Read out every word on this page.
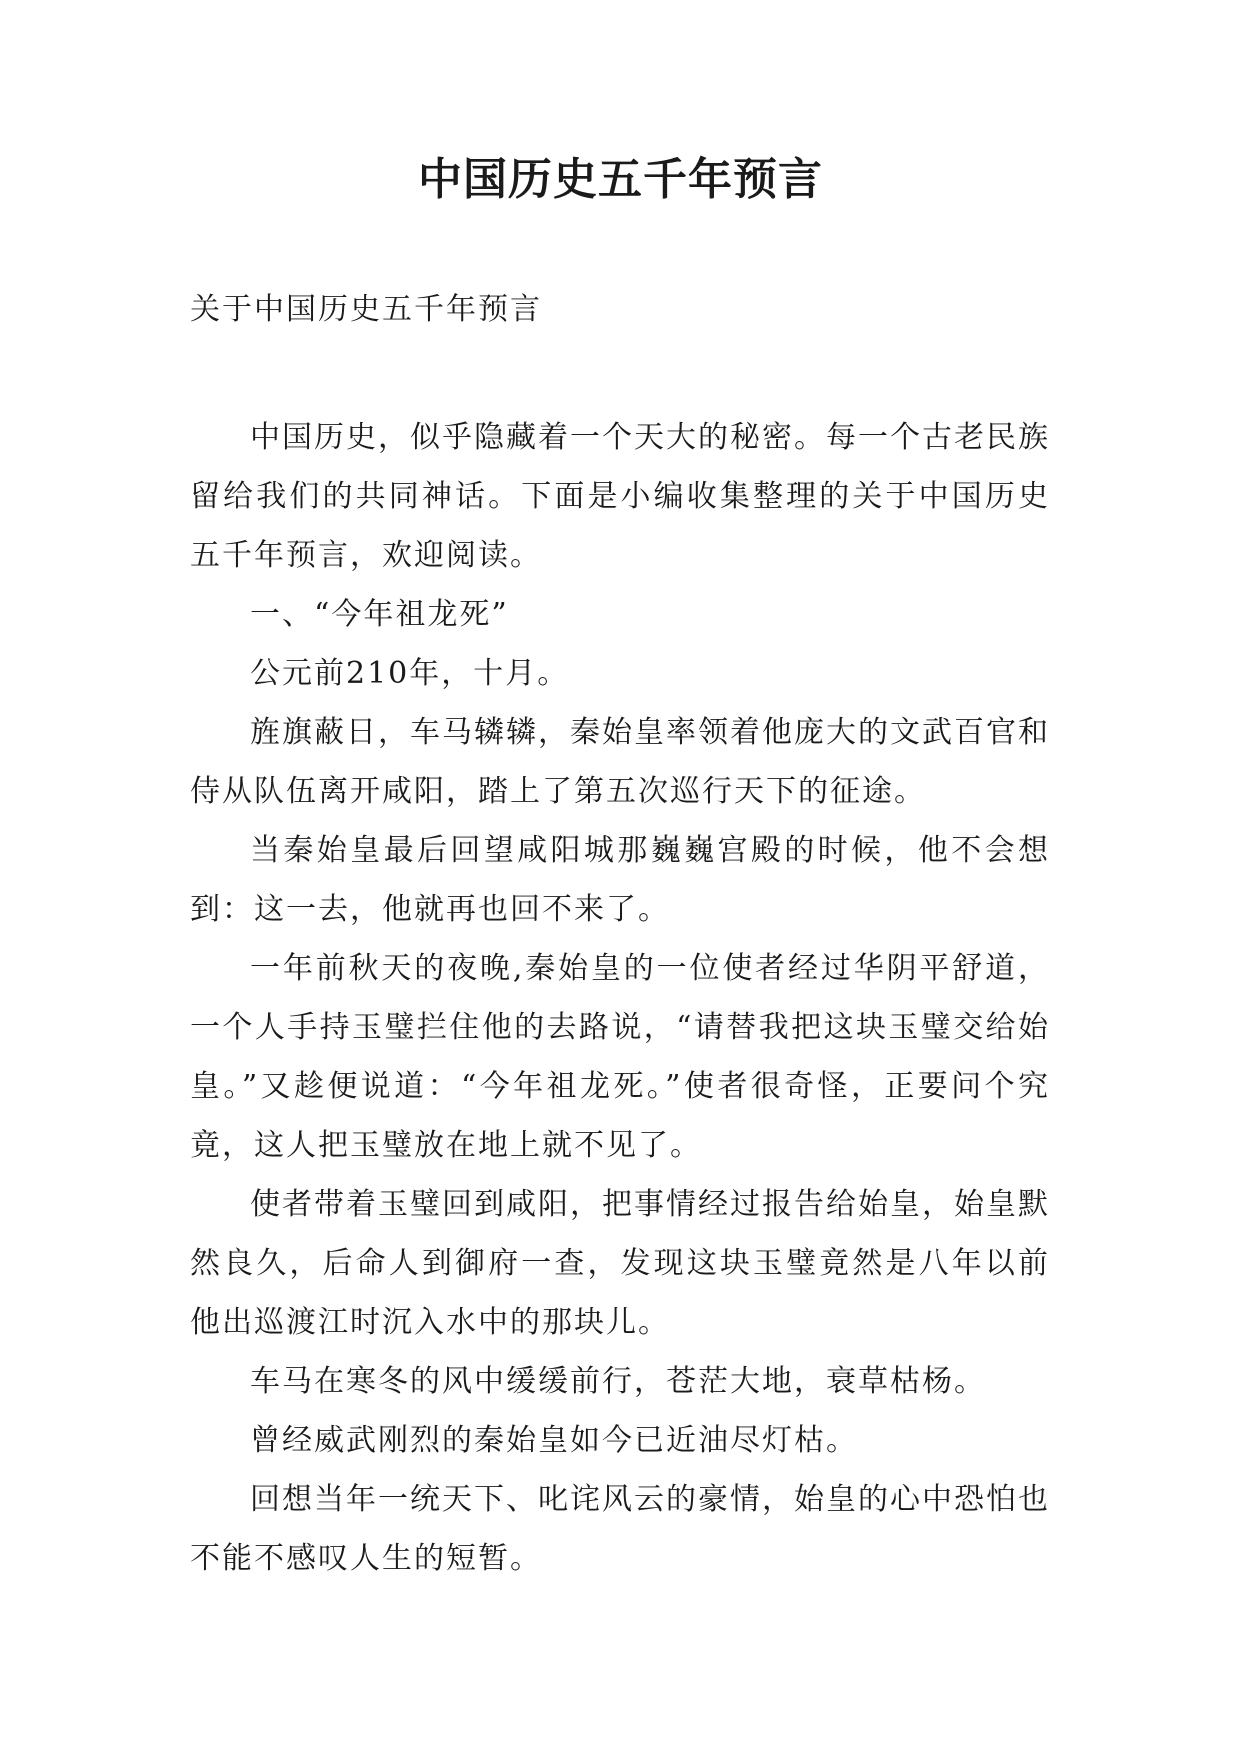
中国历史五千年预言
关于中国历史五千年预言

中国历史，似乎隐藏着一个天大的秘密。每一个古老民族留给我们的共同神话。下面是小编收集整理的关于中国历史五千年预言，欢迎阅读。

一、“今年祖龙死”

公元前210年，十月。

旌旗蔽日，车马辚辚，秦始皇率领着他庞大的文武百官和侍从队伍离开咸阳，踏上了第五次巡行天下的征途。

当秦始皇最后回望咸阳城那巍巍宫殿的时候，他不会想到：这一去，他就再也回不来了。

一年前秋天的夜晚,秦始皇的一位使者经过华阴平舒道，一个人手持玉璧拦住他的去路说，“请替我把这块玉璧交给始皇。”又趁便说道：“今年祖龙死。”使者很奇怪，正要问个究竟，这人把玉璧放在地上就不见了。

使者带着玉璧回到咸阳，把事情经过报告给始皇，始皇默然良久，后命人到御府一查，发现这块玉璧竟然是八年以前他出巡渡江时沉入水中的那块儿。

车马在寒冬的风中缓缓前行，苍茫大地，衰草枯杨。

曾经威武刚烈的秦始皇如今已近油尽灯枯。

回想当年一统天下、叱诧风云的豪情，始皇的心中恐怕也不能不感叹人生的短暂。
